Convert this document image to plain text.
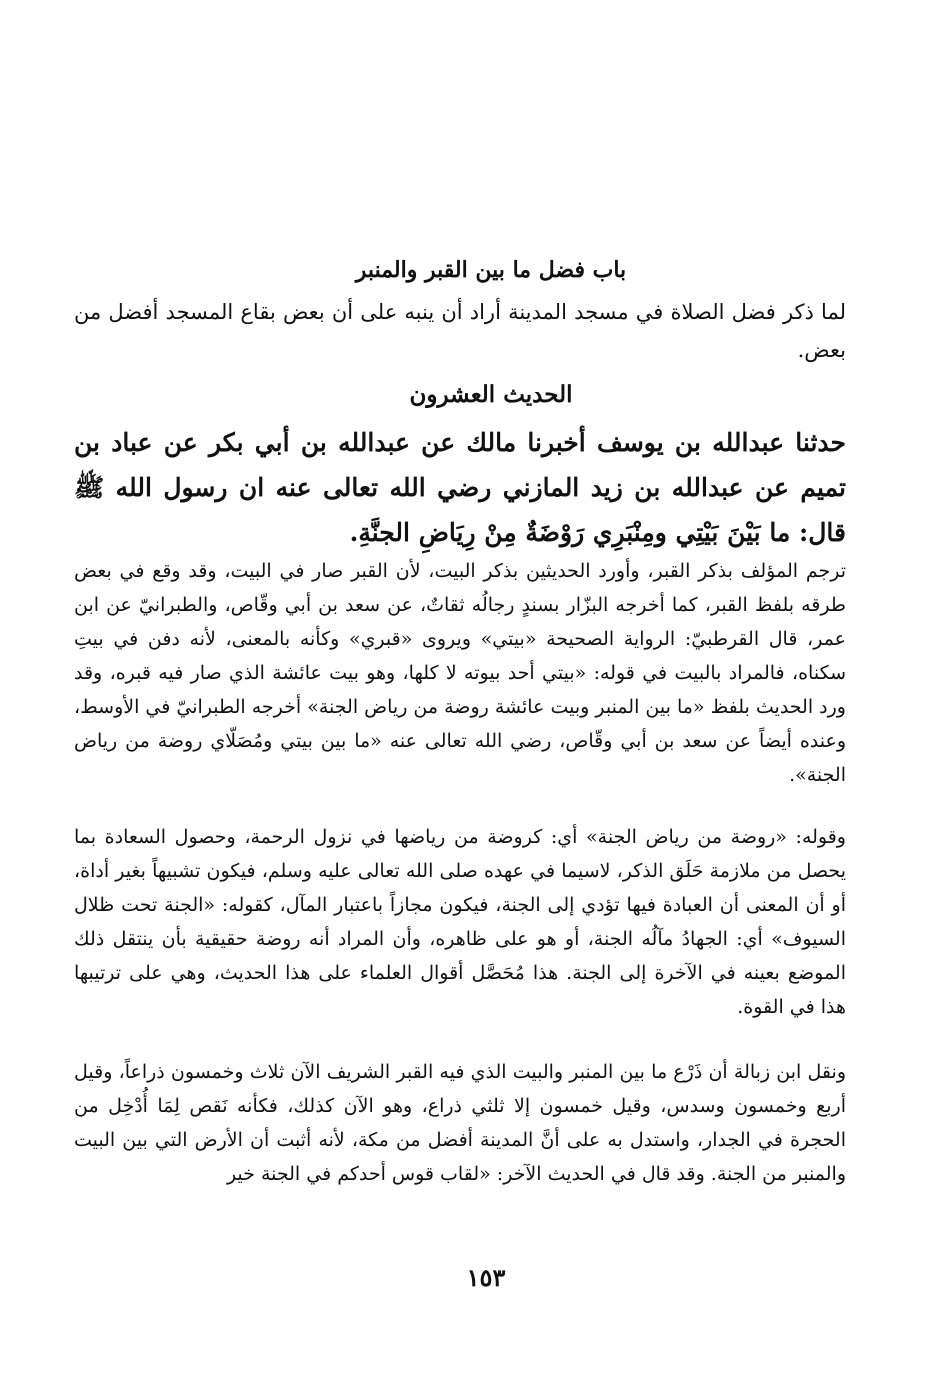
باب فضل ما بين القبر والمنبر
لما ذكر فضل الصلاة في مسجد المدينة أراد أن ينبه على أن بعض بقاع المسجد أفضل من بعض.
الحديث العشرون
حدثنا عبدالله بن يوسف أخبرنا مالك عن عبدالله بن أبي بكر عن عباد بن تميم عن عبدالله بن زيد المازني رضي الله تعالى عنه ان رسول الله ﷺ قال: ما بَيْنَ بَيْتِي ومِنْبَرِي رَوْضَةٌ مِنْ رِيَاضِ الجنَّةِ.
ترجم المؤلف بذكر القبر، وأورد الحديثين بذكر البيت، لأن القبر صار في البيت، وقد وقع في بعض طرقه بلفظ القبر، كما أخرجه البزّار بسندٍ رجالُه ثقاتٌ، عن سعد بن أبي وقّاص، والطبرانيّ عن ابن عمر، قال القرطبيّ: الرواية الصحيحة «بيتي» ويروى «قبري» وكأنه بالمعنى، لأنه دفن في بيتِ سكناه، فالمراد بالبيت في قوله: «بيتي أحد بيوته لا كلها، وهو بيت عائشة الذي صار فيه قبره، وقد ورد الحديث بلفظ «ما بين المنبر وبيت عائشة روضة من رياض الجنة» أخرجه الطبرانيّ في الأوسط، وعنده أيضاً عن سعد بن أبي وقّاص، رضي الله تعالى عنه «ما بين بيتي ومُصَلّاي روضة من رياض الجنة».
وقوله: «روضة من رياض الجنة» أي: كروضة من رياضها في نزول الرحمة، وحصول السعادة بما يحصل من ملازمة حَلَق الذكر، لاسيما في عهده صلى الله تعالى عليه وسلم، فيكون تشبيهاً بغير أداة، أو أن المعنى أن العبادة فيها تؤدي إلى الجنة، فيكون مجازاً باعتبار المآل، كقوله: «الجنة تحت ظلال السيوف» أي: الجهادُ مآلُه الجنة، أو هو على ظاهره، وأن المراد أنه روضة حقيقية بأن ينتقل ذلك الموضع بعينه في الآخرة إلى الجنة. هذا مُحَصَّل أقوال العلماء على هذا الحديث، وهي على ترتيبها هذا في القوة.
ونقل ابن زبالة أن ذَرْع ما بين المنبر والبيت الذي فيه القبر الشريف الآن ثلاث وخمسون ذراعاً، وقيل أربع وخمسون وسدس، وقيل خمسون إلا ثلثي ذراع، وهو الآن كذلك، فكأنه نَقص لِمَا أُدْخِل من الحجرة في الجدار، واستدل به على أنَّ المدينة أفضل من مكة، لأنه أثبت أن الأرض التي بين البيت والمنبر من الجنة. وقد قال في الحديث الآخر: «لقاب قوس أحدكم في الجنة خير
١٥٣
